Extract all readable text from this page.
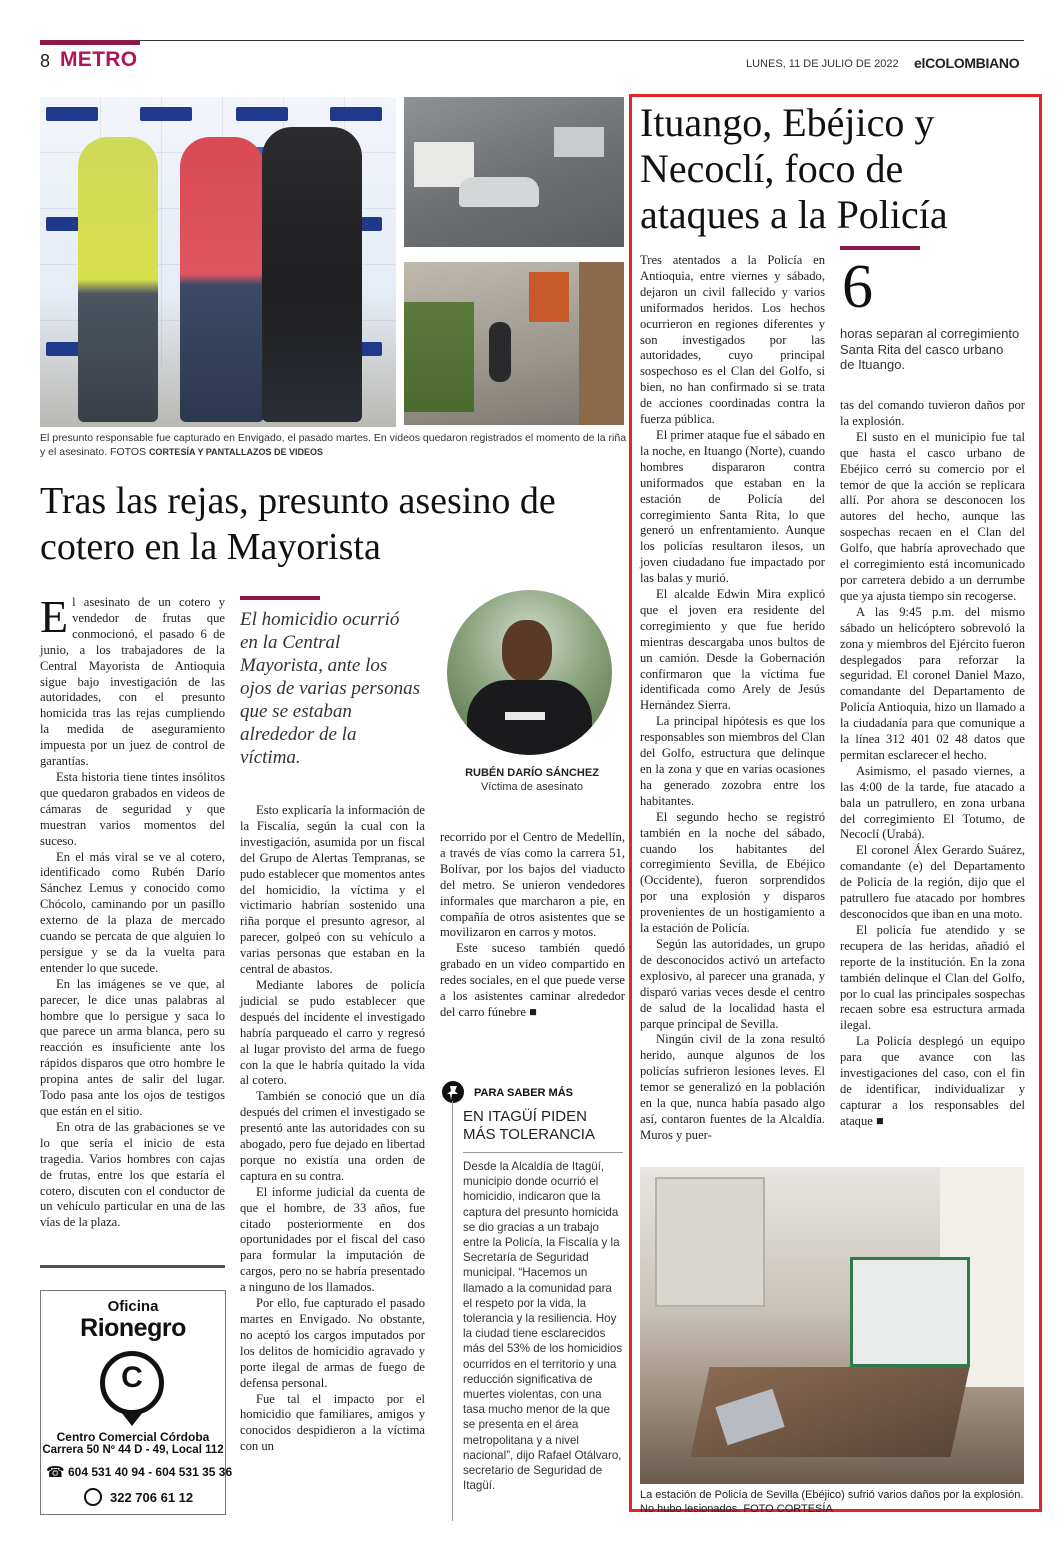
8 METRO	LUNES, 11 DE JULIO DE 2022 elCOLOMBIANO
El presunto responsable fue capturado en Envigado, el pasado martes. En videos quedaron registrados el momento de la riña y el asesinato. FOTOS CORTESÍA Y PANTALLAZOS DE VIDEOS
Tras las rejas, presunto asesino de cotero en la Mayorista

El asesinato de un cotero y vendedor de frutas que conmocionó, el pasado 6 de junio, a los trabajadores de la Central Mayorista de Antioquia sigue bajo investigación de las autoridades, con el presunto homicida tras las rejas cumpliendo la medida de aseguramiento impuesta por un juez de control de garantías.

Esta historia tiene tintes insólitos que quedaron grabados en videos de cámaras de seguridad y que muestran varios momentos del suceso.

En el más viral se ve al cotero, identificado como Rubén Darío Sánchez Lemus y conocido como Chócolo, caminando por un pasillo externo de la plaza de mercado cuando se percata de que alguien lo persigue y se da la vuelta para entender lo que sucede.

En las imágenes se ve que, al parecer, le dice unas palabras al hombre que lo persigue y saca lo que parece un arma blanca, pero su reacción es insuficiente ante los rápidos disparos que otro hombre le propina antes de salir del lugar. Todo pasa ante los ojos de testigos que están en el sitio.

En otra de las grabaciones se ve lo que sería el inicio de esta tragedia. Varios hombres con cajas de frutas, entre los que estaría el cotero, discuten con el conductor de un vehículo particular en una de las vías de la plaza.

El homicidio ocurrió en la Central Mayorista, ante los ojos de varias personas que se estaban alrededor de la víctima.
RUBÉN DARÍO SÁNCHEZ
Víctima de asesinato

Esto explicaría la información de la Fiscalía, según la cual con la investigación, asumida por un fiscal del Grupo de Alertas Tempranas, se pudo establecer que momentos antes del homicidio, la víctima y el victimario habrían sostenido una riña porque el presunto agresor, al parecer, golpeó con su vehículo a varias personas que estaban en la central de abastos.

Mediante labores de policía judicial se pudo establecer que después del incidente el investigado habría parqueado el carro y regresó al lugar provisto del arma de fuego con la que le habría quitado la vida al cotero.

También se conoció que un día después del crimen el investigado se presentó ante las autoridades con su abogado, pero fue dejado en libertad porque no existía una orden de captura en su contra.

El informe judicial da cuenta de que el hombre, de 33 años, fue citado posteriormente en dos oportunidades por el fiscal del caso para formular la imputación de cargos, pero no se habría presentado a ninguno de los llamados.

Por ello, fue capturado el pasado martes en Envigado. No obstante, no aceptó los cargos imputados por los delitos de homicidio agravado y porte ilegal de armas de fuego de defensa personal.

Fue tal el impacto por el homicidio que familiares, amigos y conocidos despidieron a la víctima con un

recorrido por el Centro de Medellín, a través de vías como la carrera 51, Bolívar, por los bajos del viaducto del metro. Se unieron vendedores informales que marcharon a pie, en compañía de otros asistentes que se movilizaron en carros y motos.

Este suceso también quedó grabado en un video compartido en redes sociales, en el que puede verse a los asistentes caminar alrededor del carro fúnebre ■

PARA SABER MÁS
EN ITAGÜÍ PIDEN MÁS TOLERANCIA
Desde la Alcaldía de Itagüí, municipio donde ocurrió el homicidio, indicaron que la captura del presunto homicida se dio gracias a un trabajo entre la Policía, la Fiscalía y la Secretaría de Seguridad municipal. “Hacemos un llamado a la comunidad para el respeto por la vida, la tolerancia y la resiliencia. Hoy la ciudad tiene esclarecidos más del 53% de los homicidios ocurridos en el territorio y una reducción significativa de muertes violentas, con una tasa mucho menor de la que se presenta en el área metropolitana y a nivel nacional”, dijo Rafael Otálvaro, secretario de Seguridad de Itagüí.
Oficina
Rionegro
C
Centro Comercial Córdoba
Carrera 50 Nº 44 D - 49, Local 112
☎ 604 531 40 94 - 604 531 35 36
322 706 61 12
Ituango, Ebéjico y Necoclí, foco de ataques a la Policía
6
horas separan al corregimiento Santa Rita del casco urbano de Ituango.

Tres atentados a la Policía en Antioquia, entre viernes y sábado, dejaron un civil fallecido y varios uniformados heridos. Los hechos ocurrieron en regiones diferentes y son investigados por las autoridades, cuyo principal sospechoso es el Clan del Golfo, si bien, no han confirmado si se trata de acciones coordinadas contra la fuerza pública.

El primer ataque fue el sábado en la noche, en Ituango (Norte), cuando hombres dispararon contra uniformados que estaban en la estación de Policía del corregimiento Santa Rita, lo que generó un enfrentamiento. Aunque los policías resultaron ilesos, un joven ciudadano fue impactado por las balas y murió.

El alcalde Edwin Mira explicó que el joven era residente del corregimiento y que fue herido mientras descargaba unos bultos de un camión. Desde la Gobernación confirmaron que la víctima fue identificada como Arely de Jesús Hernández Sierra.

La principal hipótesis es que los responsables son miembros del Clan del Golfo, estructura que delinque en la zona y que en varias ocasiones ha generado zozobra entre los habitantes.

El segundo hecho se registró también en la noche del sábado, cuando los habitantes del corregimiento Sevilla, de Ebéjico (Occidente), fueron sorprendidos por una explosión y disparos provenientes de un hostigamiento a la estación de Policía.

Según las autoridades, un grupo de desconocidos activó un artefacto explosivo, al parecer una granada, y disparó varias veces desde el centro de salud de la localidad hasta el parque principal de Sevilla.

Ningún civil de la zona resultó herido, aunque algunos de los policías sufrieron lesiones leves. El temor se generalizó en la población en la que, nunca había pasado algo así, contaron fuentes de la Alcaldía. Muros y puer-

tas del comando tuvieron daños por la explosión.

El susto en el municipio fue tal que hasta el casco urbano de Ebéjico cerró su comercio por el temor de que la acción se replicara allí. Por ahora se desconocen los autores del hecho, aunque las sospechas recaen en el Clan del Golfo, que habría aprovechado que el corregimiento está incomunicado por carretera debido a un derrumbe que ya ajusta tiempo sin recogerse.

A las 9:45 p.m. del mismo sábado un helicóptero sobrevoló la zona y miembros del Ejército fueron desplegados para reforzar la seguridad. El coronel Daniel Mazo, comandante del Departamento de Policía Antioquia, hizo un llamado a la ciudadanía para que comunique a la línea 312 401 02 48 datos que permitan esclarecer el hecho.

Asimismo, el pasado viernes, a las 4:00 de la tarde, fue atacado a bala un patrullero, en zona urbana del corregimiento El Totumo, de Necoclí (Urabá).

El coronel Álex Gerardo Suárez, comandante (e) del Departamento de Policía de la región, dijo que el patrullero fue atacado por hombres desconocidos que iban en una moto.

El policía fue atendido y se recupera de las heridas, añadió el reporte de la institución. En la zona también delinque el Clan del Golfo, por lo cual las principales sospechas recaen sobre esa estructura armada ilegal.

La Policía desplegó un equipo para que avance con las investigaciones del caso, con el fin de identificar, individualizar y capturar a los responsables del ataque ■

La estación de Policía de Sevilla (Ebéjico) sufrió varios daños por la explosión. No hubo lesionados. FOTO CORTESÍA
